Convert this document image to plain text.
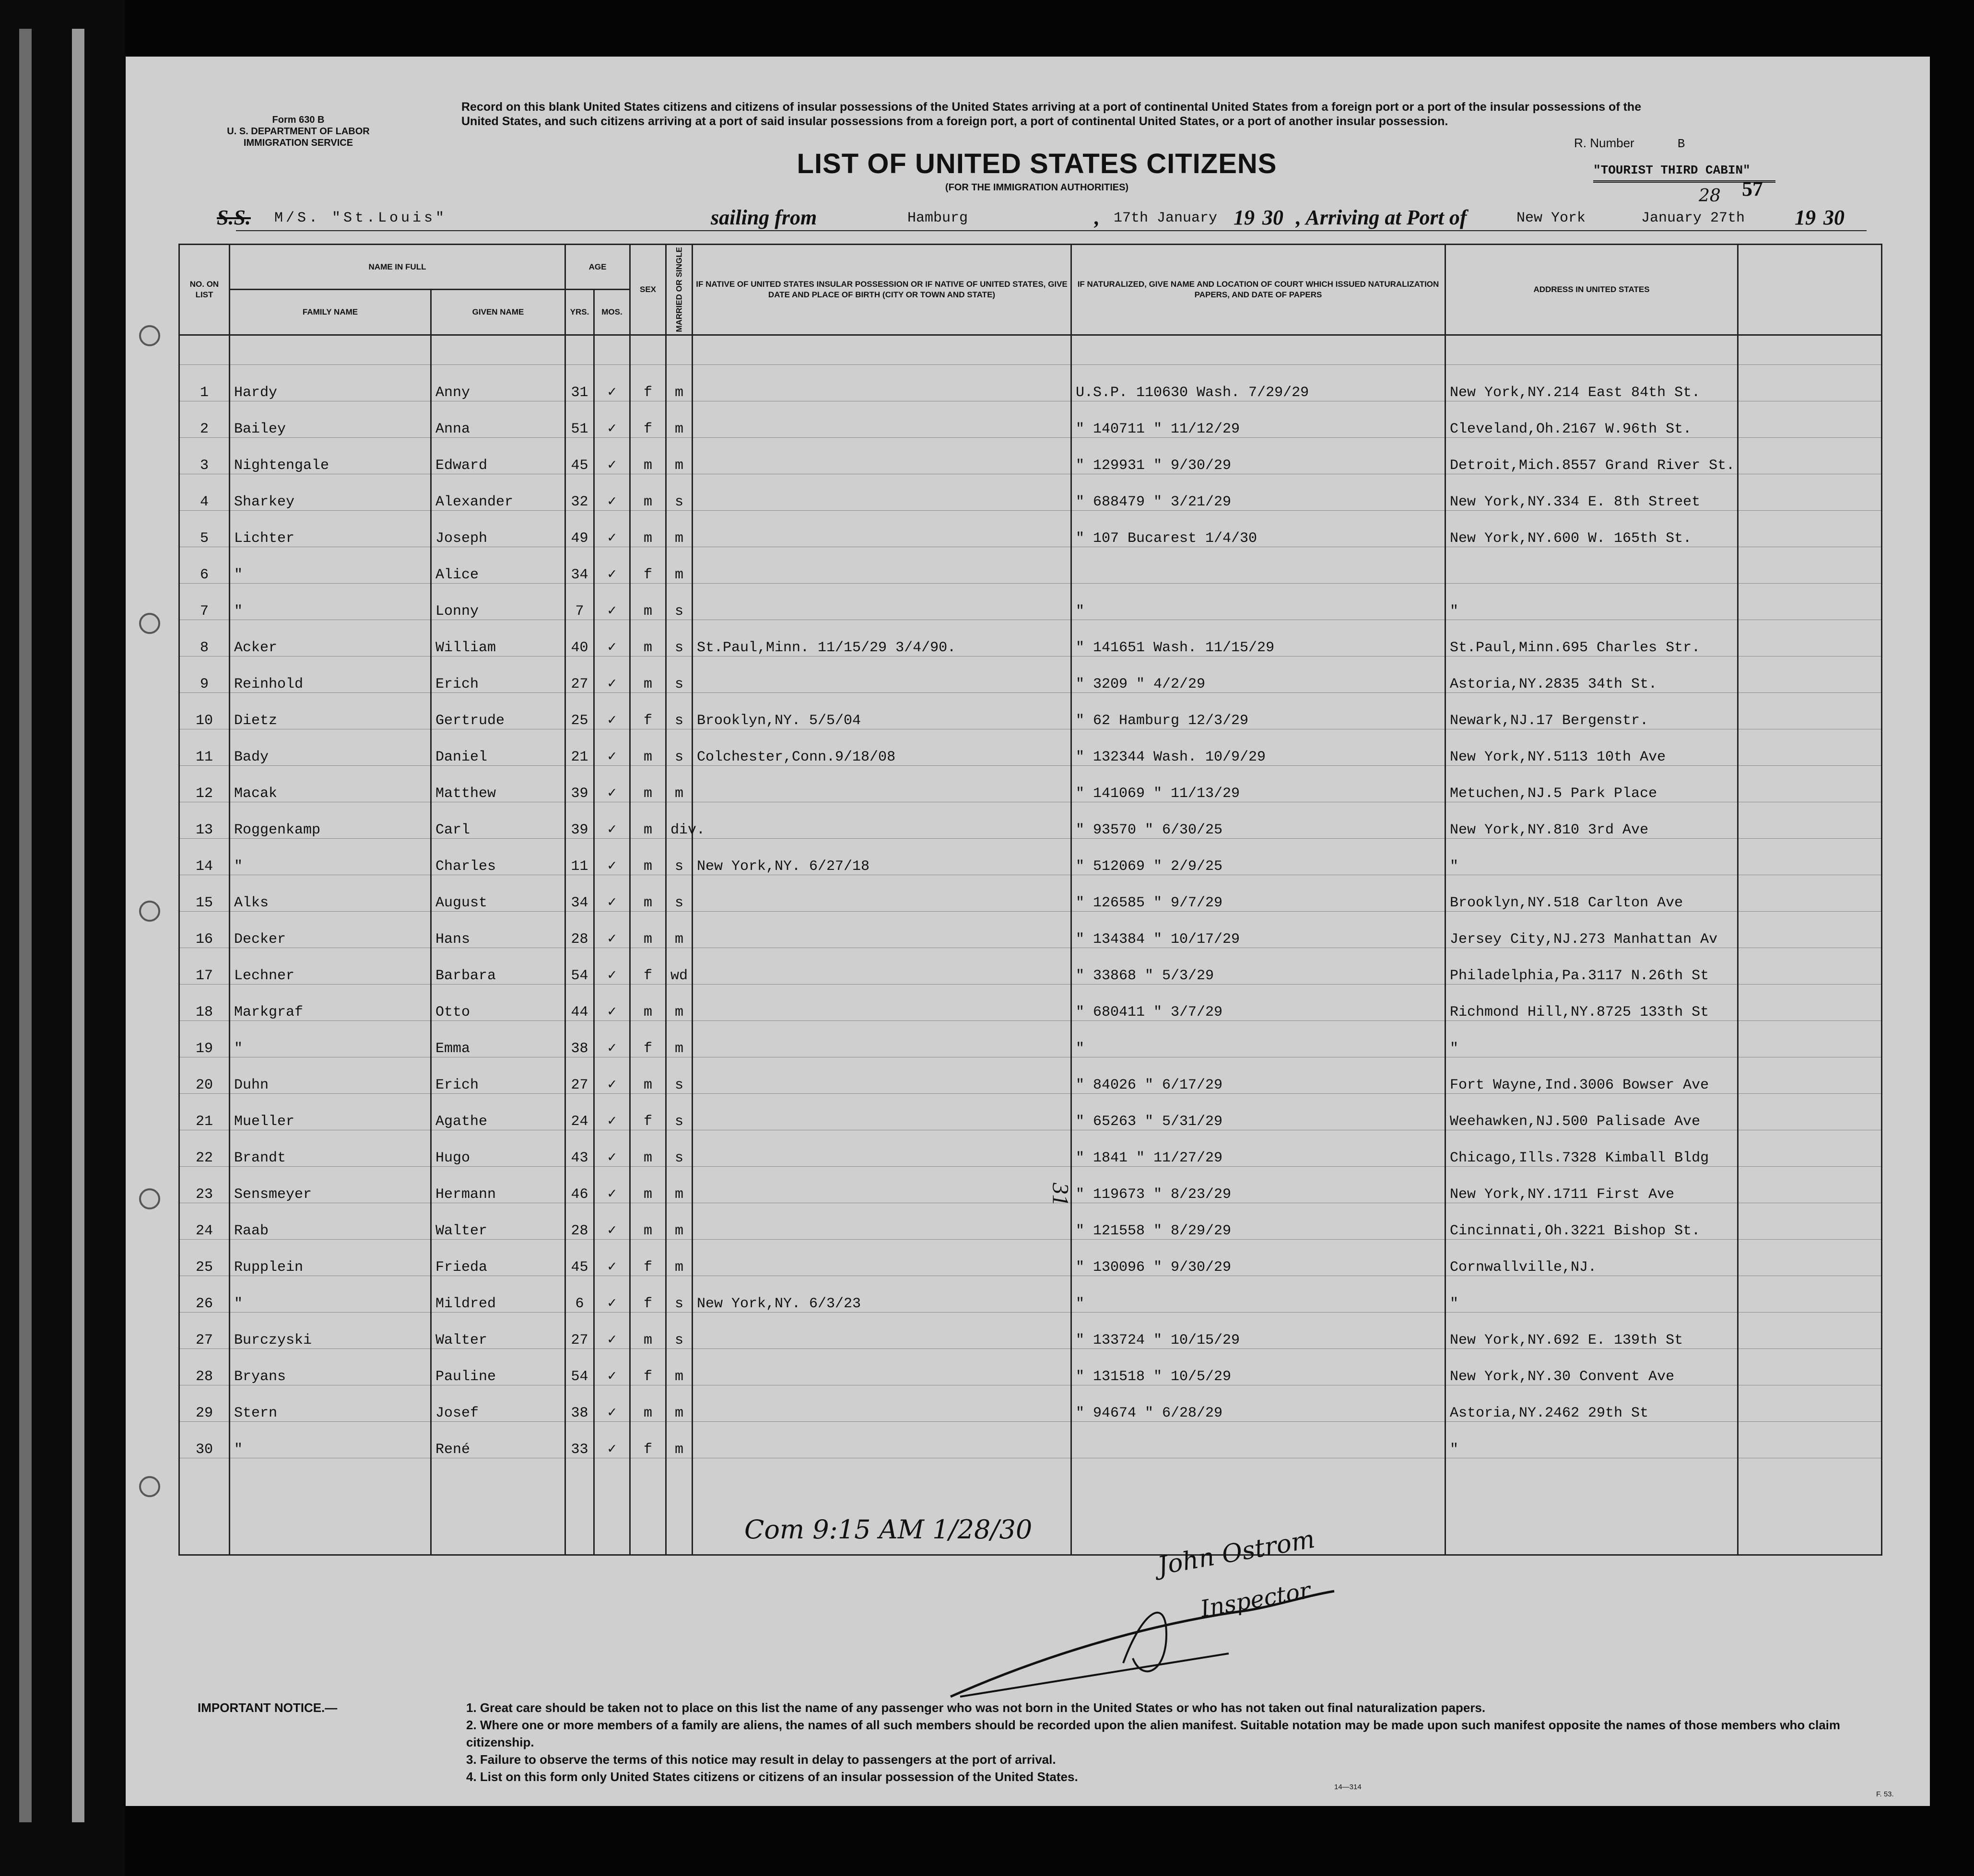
Form 630 B
U. S. DEPARTMENT OF LABOR
IMMIGRATION SERVICE
Record on this blank United States citizens and citizens of insular possessions of the United States arriving at a port of continental United States from a foreign port or a port of the insular possessions of the United States, and such citizens arriving at a port of said insular possessions from a foreign port, a port of continental United States, or a port of another insular possession.
R. Number	B
LIST OF UNITED STATES CITIZENS
(FOR THE IMMIGRATION AUTHORITIES)
"TOURIST THIRD CABIN"
57
S.S. M/S. "St.Louis"	sailing from	Hamburg	, 17th January 19 30 , Arriving at Port of	New York	January 27th
28
19 30
NO. ON LIST	NAME IN FULL		AGE		SEX	MARRIED OR SINGLE	IF NATIVE OF UNITED STATES INSULAR POSSESSION OR IF NATIVE OF UNITED STATES, GIVE DATE AND PLACE OF BIRTH (CITY OR TOWN AND STATE)	IF NATURALIZED, GIVE NAME AND LOCATION OF COURT WHICH ISSUED NATURALIZATION PAPERS, AND DATE OF PAPERS	ADDRESS IN UNITED STATES	
	FAMILY NAME	GIVEN NAME	YRS.	MOS.						

1	Hardy	Anny	31	✓	f	m		U.S.P. 110630 Wash. 7/29/29	New York,NY.214 East 84th St.	
2	Bailey	Anna	51	✓	f	m		" 140711 " 11/12/29	Cleveland,Oh.2167 W.96th St.	
3	Nightengale	Edward	45	✓	m	m		" 129931 " 9/30/29	Detroit,Mich.8557 Grand River St.	
4	Sharkey	Alexander	32	✓	m	s		" 688479 " 3/21/29	New York,NY.334 E. 8th Street	
5	Lichter	Joseph	49	✓	m	m		" 107 Bucarest 1/4/30	New York,NY.600 W. 165th St.	
6	"	Alice	34	✓	f	m				
7	"	Lonny	7	✓	m	s		"	"	
8	Acker	William	40	✓	m	s	St.Paul,Minn. 11/15/29 3/4/90.	" 141651 Wash. 11/15/29	St.Paul,Minn.695 Charles Str.	
9	Reinhold	Erich	27	✓	m	s		" 3209 " 4/2/29	Astoria,NY.2835 34th St.	
10	Dietz	Gertrude	25	✓	f	s	Brooklyn,NY. 5/5/04	" 62 Hamburg 12/3/29	Newark,NJ.17 Bergenstr.	
11	Bady	Daniel	21	✓	m	s	Colchester,Conn.9/18/08	" 132344 Wash. 10/9/29	New York,NY.5113 10th Ave	
12	Macak	Matthew	39	✓	m	m		" 141069 " 11/13/29	Metuchen,NJ.5 Park Place	
13	Roggenkamp	Carl	39	✓	m	div.		" 93570 " 6/30/25	New York,NY.810 3rd Ave	
14	"	Charles	11	✓	m	s	New York,NY. 6/27/18	" 512069 " 2/9/25	"	
15	Alks	August	34	✓	m	s		" 126585 " 9/7/29	Brooklyn,NY.518 Carlton Ave	
16	Decker	Hans	28	✓	m	m		" 134384 " 10/17/29	Jersey City,NJ.273 Manhattan Av	
17	Lechner	Barbara	54	✓	f	wd		" 33868 " 5/3/29	Philadelphia,Pa.3117 N.26th St	
18	Markgraf	Otto	44	✓	m	m		" 680411 " 3/7/29	Richmond Hill,NY.8725 133th St	
19	"	Emma	38	✓	f	m		"	"	
20	Duhn	Erich	27	✓	m	s		" 84026 " 6/17/29	Fort Wayne,Ind.3006 Bowser Ave	
21	Mueller	Agathe	24	✓	f	s		" 65263 " 5/31/29	Weehawken,NJ.500 Palisade Ave	
22	Brandt	Hugo	43	✓	m	s		" 1841 " 11/27/29	Chicago,Ills.7328 Kimball Bldg	
23	Sensmeyer	Hermann	46	✓	m	m		" 119673 " 8/23/29	New York,NY.1711 First Ave	
24	Raab	Walter	28	✓	m	m		" 121558 " 8/29/29	Cincinnati,Oh.3221 Bishop St.	
25	Rupplein	Frieda	45	✓	f	m		" 130096 " 9/30/29	Cornwallville,NJ.	
26	"	Mildred	6	✓	f	s	New York,NY. 6/3/23	"	"	
27	Burczyski	Walter	27	✓	m	s		" 133724 " 10/15/29	New York,NY.692 E. 139th St	
28	Bryans	Pauline	54	✓	f	m		" 131518 " 10/5/29	New York,NY.30 Convent Ave	
29	Stern	Josef	38	✓	m	m		" 94674 " 6/28/29	Astoria,NY.2462 29th St	
30	"	René	33	✓	f	m			"	

31
Com 9:15 AM 1/28/30	John Ostrom
Inspector
IMPORTANT NOTICE.—	1. Great care should be taken not to place on this list the name of any passenger who was not born in the United States or who has not taken out final naturalization papers.
2. Where one or more members of a family are aliens, the names of all such members should be recorded upon the alien manifest. Suitable notation may be made upon such manifest opposite the names of those members who claim citizenship.
3. Failure to observe the terms of this notice may result in delay to passengers at the port of arrival.
4. List on this form only United States citizens or citizens of an insular possession of the United States.
14—314
F. 53.
